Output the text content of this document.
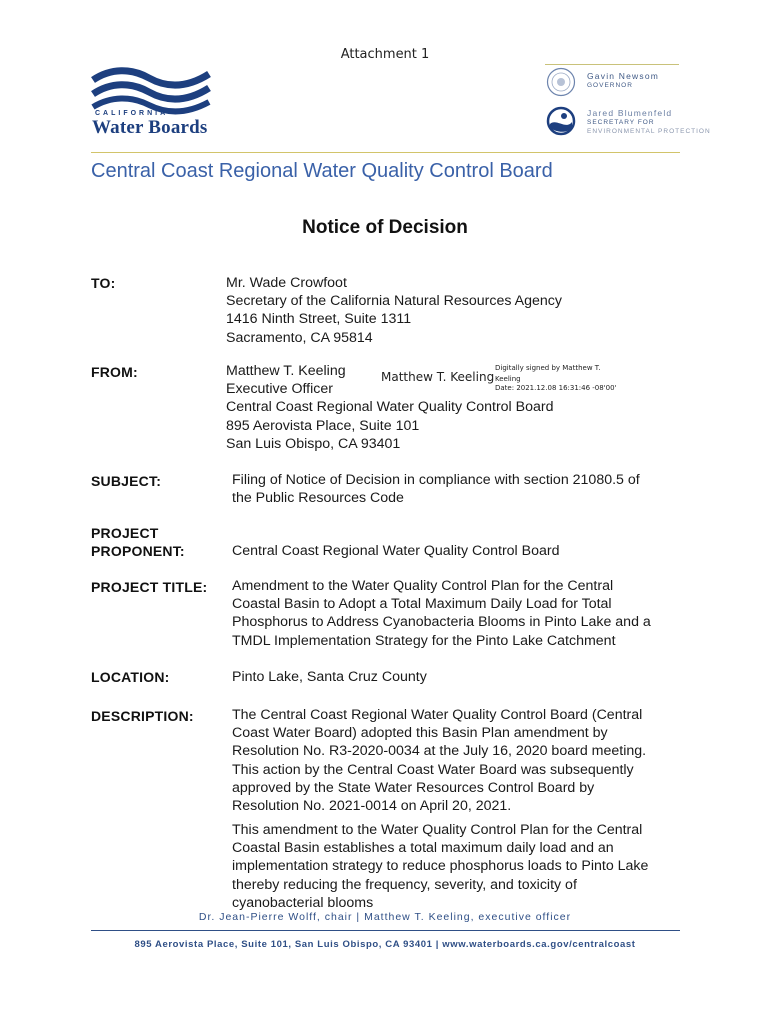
Attachment 1
CALIFORNIA
Water Boards
Gavin Newsom
GOVERNOR
Jared Blumenfeld
SECRETARY FOR
ENVIRONMENTAL PROTECTION
Central Coast Regional Water Quality Control Board
Notice of Decision
TO:	Mr. Wade Crowfoot
Secretary of the California Natural Resources Agency
1416 Ninth Street, Suite 1311
Sacramento, CA 95814
FROM:	Matthew T. Keeling
Executive Officer
Central Coast Regional Water Quality Control Board
895 Aerovista Place, Suite 101
San Luis Obispo, CA 93401
Matthew T. Keeling
Digitally signed by Matthew T.
Keeling
Date: 2021.12.08 16:31:46 -08'00'
SUBJECT:	Filing of Notice of Decision in compliance with section 21080.5 of
the Public Resources Code
PROJECT
PROPONENT:	Central Coast Regional Water Quality Control Board
PROJECT TITLE: Amendment to the Water Quality Control Plan for the Central
Coastal Basin to Adopt a Total Maximum Daily Load for Total
Phosphorus to Address Cyanobacteria Blooms in Pinto Lake and a
TMDL Implementation Strategy for the Pinto Lake Catchment
LOCATION:	Pinto Lake, Santa Cruz County
DESCRIPTION:	The Central Coast Regional Water Quality Control Board (Central
Coast Water Board) adopted this Basin Plan amendment by
Resolution No. R3-2020-0034 at the July 16, 2020 board meeting.
This action by the Central Coast Water Board was subsequently
approved by the State Water Resources Control Board by
Resolution No. 2021-0014 on April 20, 2021.
This amendment to the Water Quality Control Plan for the Central
Coastal Basin establishes a total maximum daily load and an
implementation strategy to reduce phosphorus loads to Pinto Lake
thereby reducing the frequency, severity, and toxicity of
cyanobacterial blooms
Dr. Jean-Pierre Wolff, chair | Matthew T. Keeling, executive officer
895 Aerovista Place, Suite 101, San Luis Obispo, CA 93401 | www.waterboards.ca.gov/centralcoast
